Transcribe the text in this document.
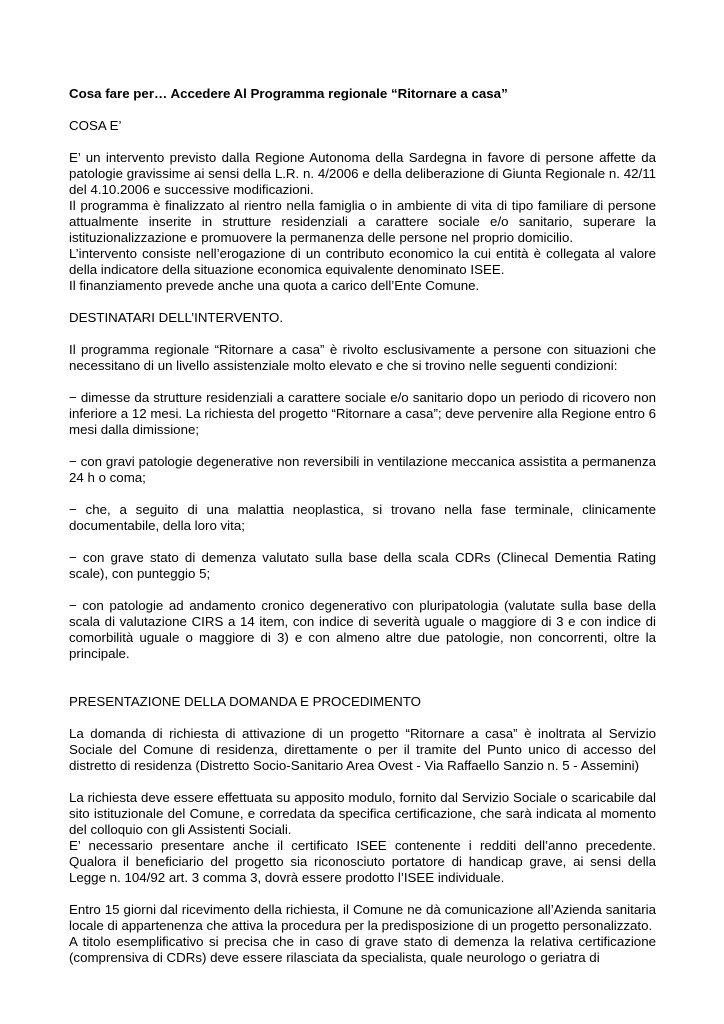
Cosa fare per… Accedere Al Programma regionale “Ritornare a casa”

COSA E’

E’ un intervento previsto dalla Regione Autonoma della Sardegna in favore di persone affette da patologie gravissime ai sensi della L.R. n. 4/2006 e della deliberazione di Giunta Regionale n. 42/11 del 4.10.2006 e successive modificazioni.

Il programma è finalizzato al rientro nella famiglia o in ambiente di vita di tipo familiare di persone attualmente inserite in strutture residenziali a carattere sociale e/o sanitario, superare la istituzionalizzazione e promuovere la permanenza delle persone nel proprio domicilio.

L’intervento consiste nell’erogazione di un contributo economico la cui entità è collegata al valore della indicatore della situazione economica equivalente denominato ISEE.

Il finanziamento prevede anche una quota a carico dell’Ente Comune.

DESTINATARI DELL’INTERVENTO.

Il programma regionale “Ritornare a casa” è rivolto esclusivamente a persone con situazioni che necessitano di un livello assistenziale molto elevato e che si trovino nelle seguenti condizioni:

− dimesse da strutture residenziali a carattere sociale e/o sanitario dopo un periodo di ricovero non inferiore a 12 mesi. La richiesta del progetto “Ritornare a casa”; deve pervenire alla Regione entro 6 mesi dalla dimissione;

− con gravi patologie degenerative non reversibili in ventilazione meccanica assistita a permanenza 24 h o coma;

− che, a seguito di una malattia neoplastica, si trovano nella fase terminale, clinicamente documentabile, della loro vita;

− con grave stato di demenza valutato sulla base della scala CDRs (Clinecal Dementia Rating scale), con punteggio 5;

− con patologie ad andamento cronico degenerativo con pluripatologia (valutate sulla base della scala di valutazione CIRS a 14 item, con indice di severità uguale o maggiore di 3 e con indice di comorbilità uguale o maggiore di 3) e con almeno altre due patologie, non concorrenti, oltre la principale.

PRESENTAZIONE DELLA DOMANDA E PROCEDIMENTO

La domanda di richiesta di attivazione di un progetto “Ritornare a casa” è inoltrata al Servizio Sociale del Comune di residenza, direttamente o per il tramite del Punto unico di accesso del distretto di residenza (Distretto Socio-Sanitario Area Ovest - Via Raffaello Sanzio n. 5 - Assemini)

La richiesta deve essere effettuata su apposito modulo, fornito dal Servizio Sociale o scaricabile dal sito istituzionale del Comune, e corredata da specifica certificazione, che sarà indicata al momento del colloquio con gli Assistenti Sociali.

E’ necessario presentare anche il certificato ISEE contenente i redditi dell’anno precedente. Qualora il beneficiario del progetto sia riconosciuto portatore di handicap grave, ai sensi della Legge n. 104/92 art. 3 comma 3, dovrà essere prodotto l’ISEE individuale.

Entro 15 giorni dal ricevimento della richiesta, il Comune ne dà comunicazione all’Azienda sanitaria locale di appartenenza che attiva la procedura per la predisposizione di un progetto personalizzato.

A titolo esemplificativo si precisa che in caso di grave stato di demenza la relativa certificazione (comprensiva di CDRs) deve essere rilasciata da specialista, quale neurologo o geriatra di
